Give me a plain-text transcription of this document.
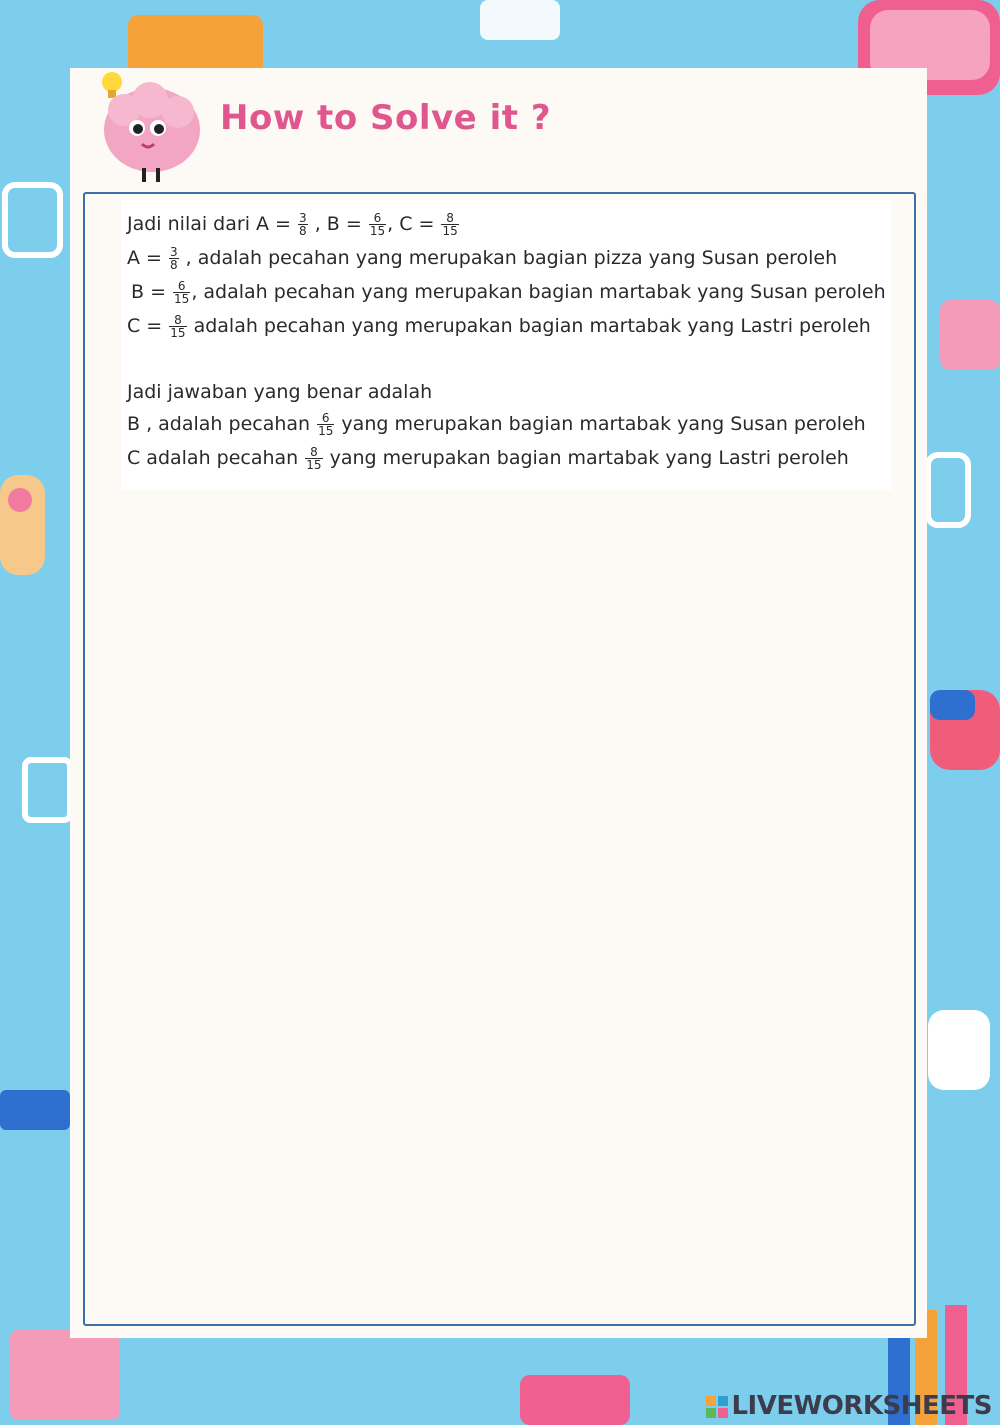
How to Solve it ?
Jadi nilai dari $A = \frac{3}{8}$ , $B = \frac{6}{15}$ , $C = \frac{8}{15}$
$A = \frac{3}{8}$ , adalah pecahan yang merupakan bagian pizza yang Susan peroleh
$B = \frac{6}{15}$ , adalah pecahan yang merupakan bagian martabak yang Susan peroleh
$C = \frac{8}{15}$ adalah pecahan yang merupakan bagian martabak yang Lastri peroleh
Jadi jawaban yang benar adalah
B , adalah pecahan $\frac{6}{15}$ yang merupakan bagian martabak yang Susan peroleh
C adalah pecahan $\frac{8}{15}$ yang merupakan bagian martabak yang Lastri peroleh
LIVEWORKSHEETS
